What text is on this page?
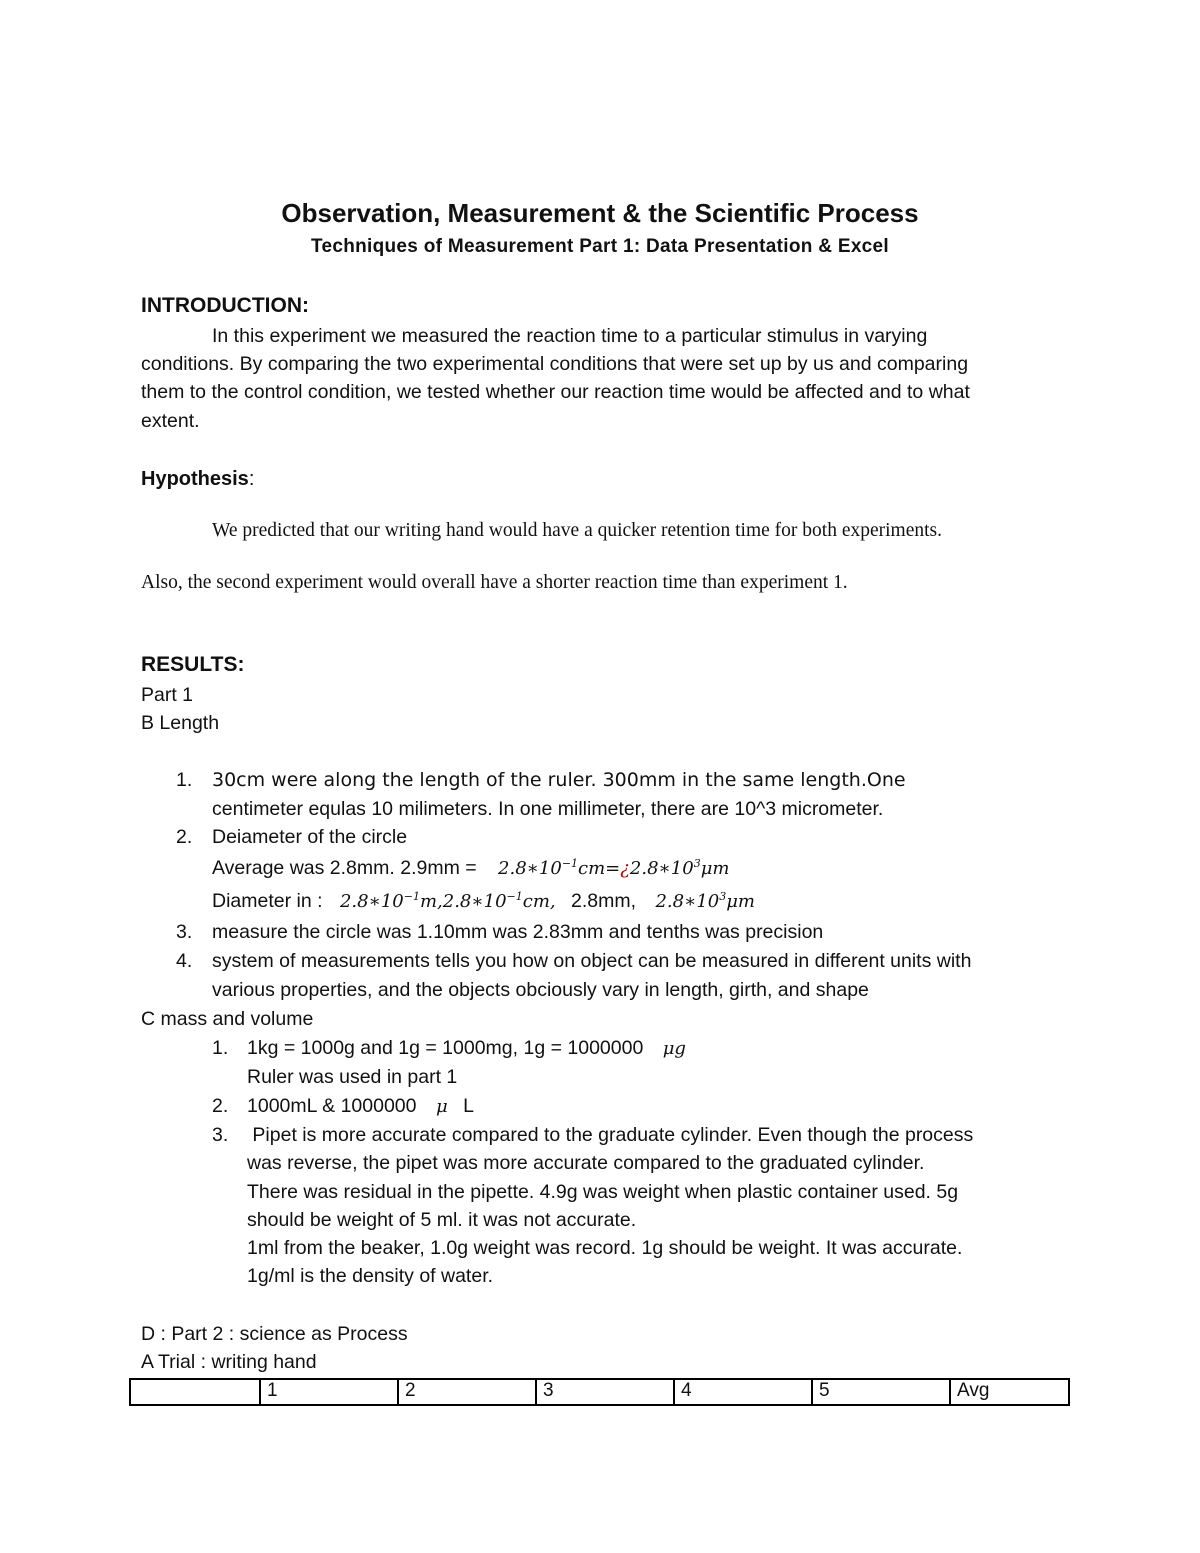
Observation, Measurement & the Scientific Process
Techniques of Measurement Part 1: Data Presentation & Excel
INTRODUCTION:
In this experiment we measured the reaction time to a particular stimulus in varying
conditions. By comparing the two experimental conditions that were set up by us and comparing
them to the control condition, we tested whether our reaction time would be affected and to what
extent.
Hypothesis:
We predicted that our writing hand would have a quicker retention time for both experiments.
Also, the second experiment would overall have a shorter reaction time than experiment 1.
RESULTS:
Part 1
B Length
1. 30cm were along the length of the ruler. 300mm in the same length.One
centimeter equlas 10 milimeters. In one millimeter, there are 10^3 micrometer.
2. Deiameter of the circle
Average was 2.8mm. $2.9mm = 2.8∗10^{-1}cm=¿2.8∗10^3\mu m$
Diameter in : $2.8∗10^{-1}m,2.8∗10^{-1}cm$, 2.8mm, $2.8∗10^3\mu m$
3. measure the circle was 1.10mm was 2.83mm and tenths was precision
4. system of measurements tells you how on object can be measured in different units with
various properties, and the objects obciously vary in length, girth, and shape
C mass and volume
1. 1kg = 1000g and 1g = 1000mg, 1g = 1000000 μg
Ruler was used in part 1
2. 1000mL & 1000000 μ L
3. Pipet is more accurate compared to the graduate cylinder. Even though the process
was reverse, the pipet was more accurate compared to the graduated cylinder.
There was residual in the pipette. 4.9g was weight when plastic container used. 5g
should be weight of 5 ml. it was not accurate.
1ml from the beaker, 1.0g weight was record. 1g should be weight. It was accurate.
1g/ml is the density of water.
D : Part 2 : science as Process
A Trial : writing hand
	1	2	3	4	5	Avg
